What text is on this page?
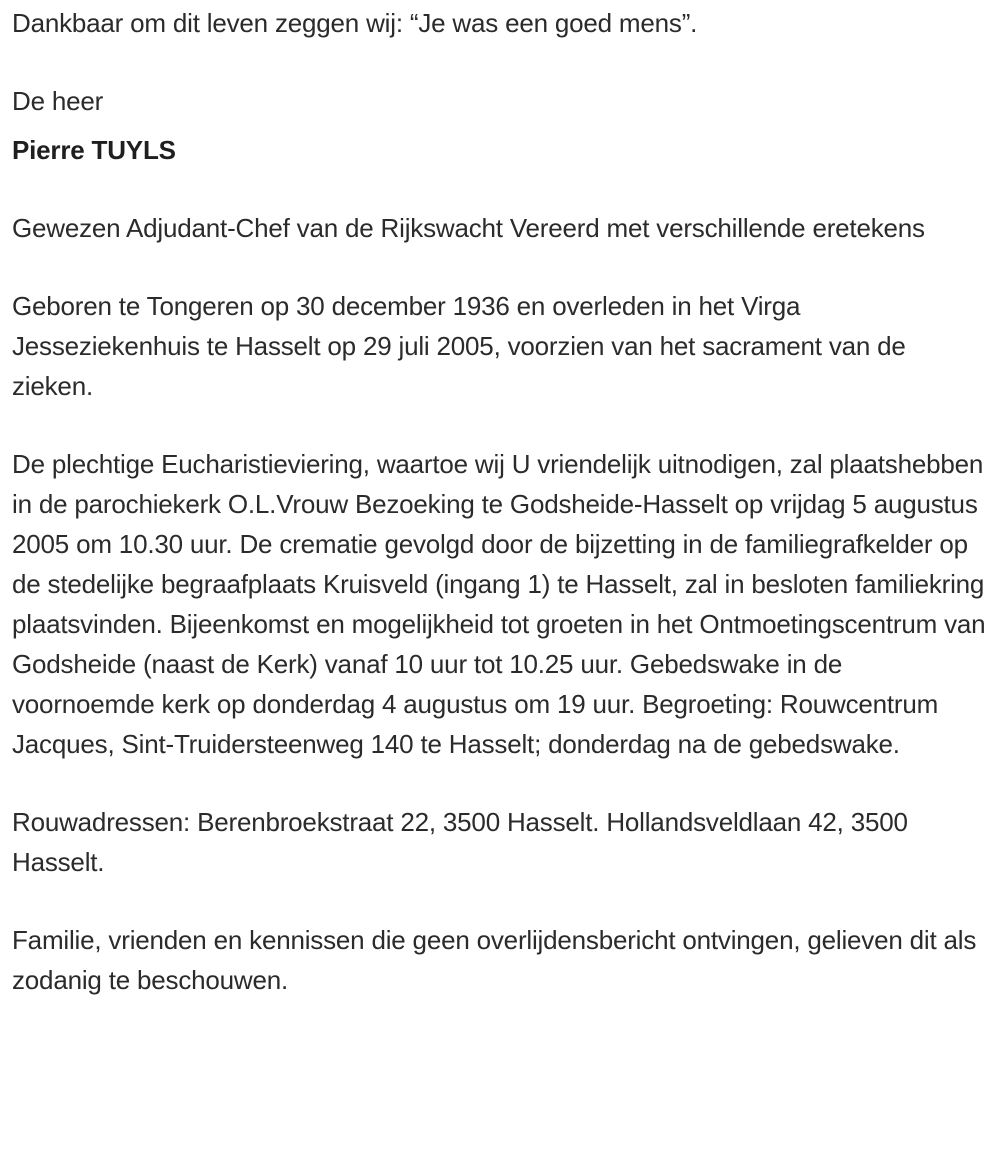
Dankbaar om dit leven zeggen wij: “Je was een goed mens”.

De heer

Pierre TUYLS

Gewezen Adjudant-Chef van de Rijkswacht Vereerd met verschillende eretekens

Geboren te Tongeren op 30 december 1936 en overleden in het Virga Jesseziekenhuis te Hasselt op 29 juli 2005, voorzien van het sacrament van de zieken.

De plechtige Eucharistieviering, waartoe wij U vriendelijk uitnodigen, zal plaatshebben in de parochiekerk O.L.Vrouw Bezoeking te Godsheide-Hasselt op vrijdag 5 augustus 2005 om 10.30 uur. De crematie gevolgd door de bijzetting in de familiegrafkelder op de stedelijke begraafplaats Kruisveld (ingang 1) te Hasselt, zal in besloten familiekring plaatsvinden. Bijeenkomst en mogelijkheid tot groeten in het Ontmoetingscentrum van Godsheide (naast de Kerk) vanaf 10 uur tot 10.25 uur. Gebedswake in de voornoemde kerk op donderdag 4 augustus om 19 uur. Begroeting: Rouwcentrum Jacques, Sint-Truidersteenweg 140 te Hasselt; donderdag na de gebedswake.

Rouwadressen: Berenbroekstraat 22, 3500 Hasselt. Hollandsveldlaan 42, 3500 Hasselt.

Familie, vrienden en kennissen die geen overlijdensbericht ontvingen, gelieven dit als zodanig te beschouwen.
